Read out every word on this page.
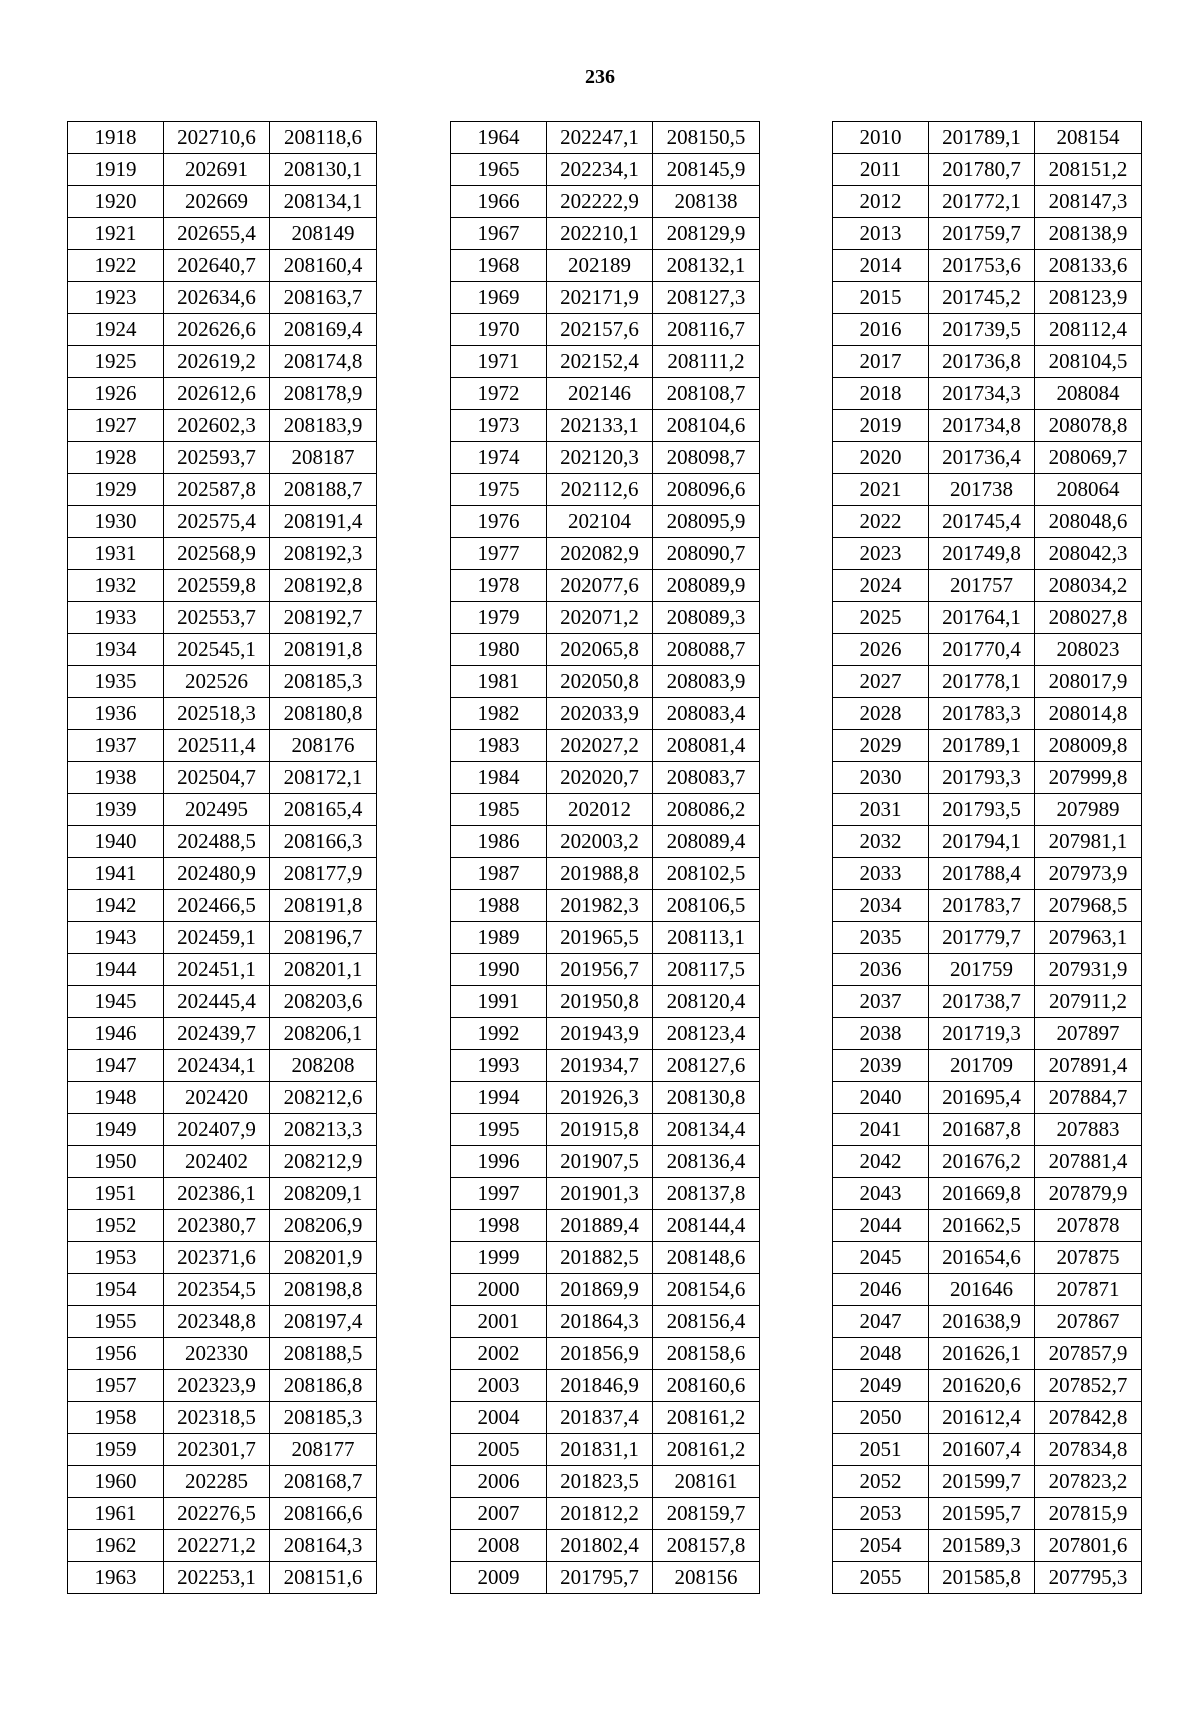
236
1918	202710,6	208118,6
1919	202691	208130,1
1920	202669	208134,1
1921	202655,4	208149
1922	202640,7	208160,4
1923	202634,6	208163,7
1924	202626,6	208169,4
1925	202619,2	208174,8
1926	202612,6	208178,9
1927	202602,3	208183,9
1928	202593,7	208187
1929	202587,8	208188,7
1930	202575,4	208191,4
1931	202568,9	208192,3
1932	202559,8	208192,8
1933	202553,7	208192,7
1934	202545,1	208191,8
1935	202526	208185,3
1936	202518,3	208180,8
1937	202511,4	208176
1938	202504,7	208172,1
1939	202495	208165,4
1940	202488,5	208166,3
1941	202480,9	208177,9
1942	202466,5	208191,8
1943	202459,1	208196,7
1944	202451,1	208201,1
1945	202445,4	208203,6
1946	202439,7	208206,1
1947	202434,1	208208
1948	202420	208212,6
1949	202407,9	208213,3
1950	202402	208212,9
1951	202386,1	208209,1
1952	202380,7	208206,9
1953	202371,6	208201,9
1954	202354,5	208198,8
1955	202348,8	208197,4
1956	202330	208188,5
1957	202323,9	208186,8
1958	202318,5	208185,3
1959	202301,7	208177
1960	202285	208168,7
1961	202276,5	208166,6
1962	202271,2	208164,3
1963	202253,1	208151,6
1964	202247,1	208150,5
1965	202234,1	208145,9
1966	202222,9	208138
1967	202210,1	208129,9
1968	202189	208132,1
1969	202171,9	208127,3
1970	202157,6	208116,7
1971	202152,4	208111,2
1972	202146	208108,7
1973	202133,1	208104,6
1974	202120,3	208098,7
1975	202112,6	208096,6
1976	202104	208095,9
1977	202082,9	208090,7
1978	202077,6	208089,9
1979	202071,2	208089,3
1980	202065,8	208088,7
1981	202050,8	208083,9
1982	202033,9	208083,4
1983	202027,2	208081,4
1984	202020,7	208083,7
1985	202012	208086,2
1986	202003,2	208089,4
1987	201988,8	208102,5
1988	201982,3	208106,5
1989	201965,5	208113,1
1990	201956,7	208117,5
1991	201950,8	208120,4
1992	201943,9	208123,4
1993	201934,7	208127,6
1994	201926,3	208130,8
1995	201915,8	208134,4
1996	201907,5	208136,4
1997	201901,3	208137,8
1998	201889,4	208144,4
1999	201882,5	208148,6
2000	201869,9	208154,6
2001	201864,3	208156,4
2002	201856,9	208158,6
2003	201846,9	208160,6
2004	201837,4	208161,2
2005	201831,1	208161,2
2006	201823,5	208161
2007	201812,2	208159,7
2008	201802,4	208157,8
2009	201795,7	208156
2010	201789,1	208154
2011	201780,7	208151,2
2012	201772,1	208147,3
2013	201759,7	208138,9
2014	201753,6	208133,6
2015	201745,2	208123,9
2016	201739,5	208112,4
2017	201736,8	208104,5
2018	201734,3	208084
2019	201734,8	208078,8
2020	201736,4	208069,7
2021	201738	208064
2022	201745,4	208048,6
2023	201749,8	208042,3
2024	201757	208034,2
2025	201764,1	208027,8
2026	201770,4	208023
2027	201778,1	208017,9
2028	201783,3	208014,8
2029	201789,1	208009,8
2030	201793,3	207999,8
2031	201793,5	207989
2032	201794,1	207981,1
2033	201788,4	207973,9
2034	201783,7	207968,5
2035	201779,7	207963,1
2036	201759	207931,9
2037	201738,7	207911,2
2038	201719,3	207897
2039	201709	207891,4
2040	201695,4	207884,7
2041	201687,8	207883
2042	201676,2	207881,4
2043	201669,8	207879,9
2044	201662,5	207878
2045	201654,6	207875
2046	201646	207871
2047	201638,9	207867
2048	201626,1	207857,9
2049	201620,6	207852,7
2050	201612,4	207842,8
2051	201607,4	207834,8
2052	201599,7	207823,2
2053	201595,7	207815,9
2054	201589,3	207801,6
2055	201585,8	207795,3
